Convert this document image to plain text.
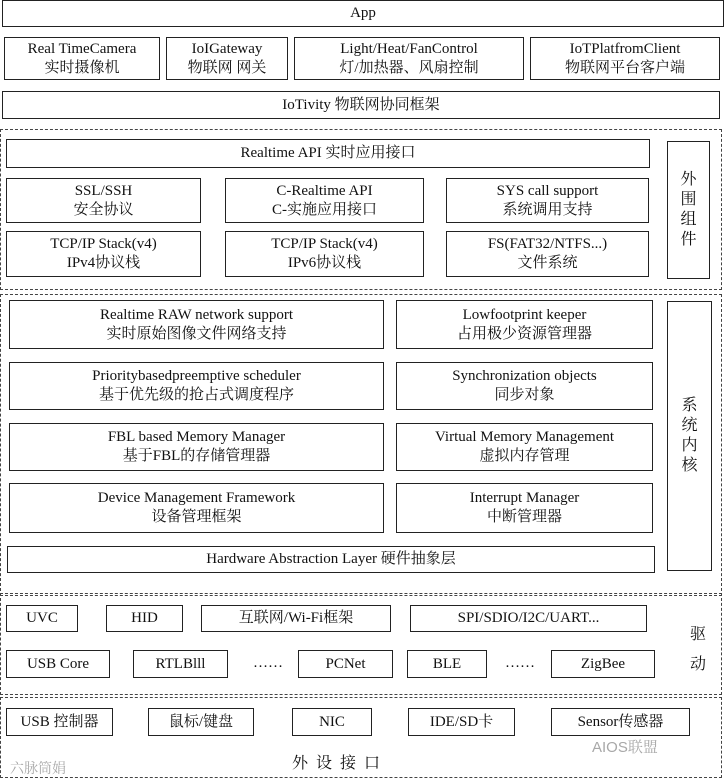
App
Real TimeCamera
实时摄像机
IoIGateway
物联网 网关
Light/Heat/FanControl
灯/加热器、风扇控制
IoTPlatfromClient
物联网平台客户端
IoTivity 物联网协同框架
Realtime API 实时应用接口
SSL/SSH
安全协议
C-Realtime API
C-实施应用接口
SYS call support
系统调用支持
TCP/IP Stack(v4)
IPv4协议栈
TCP/IP Stack(v4)
IPv6协议栈
FS(FAT32/NTFS...)
文件系统
外
围
组
件
Realtime RAW network support
实时原始图像文件网络支持
Lowfootprint keeper
占用极少资源管理器
Prioritybasedpreemptive scheduler
基于优先级的抢占式调度程序
Synchronization objects
同步对象
FBL based Memory Manager
基于FBL的存储管理器
Virtual Memory Management
虚拟内存管理
Device Management Framework
设备管理框架
Interrupt Manager
中断管理器
Hardware Abstraction Layer 硬件抽象层
系
统
内
核
UVC	HID	互联网/Wi-Fi框架	SPI/SDIO/I2C/UART...
USB Core	RTLBlll	……	PCNet	BLE	……	ZigBee
驱
动
USB 控制器	鼠标/键盘	NIC	IDE/SD卡	Sensor传感器
外  设  接  口
六脉筒娟
AIOS联盟
